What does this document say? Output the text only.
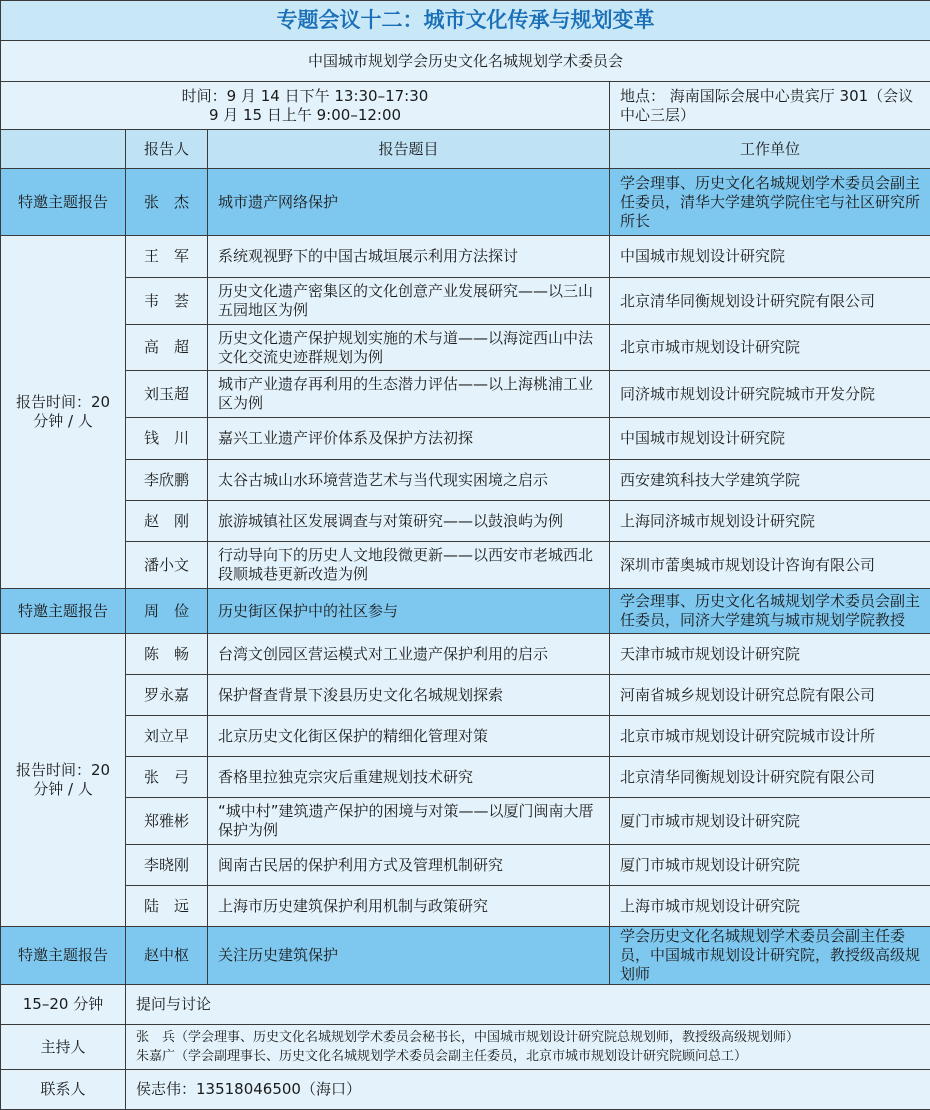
专题会议十二：城市文化传承与规划变革			
中国城市规划学会历史文化名城规划学术委员会			

时间：9 月 14 日下午 13:30–17:30
9 月 15 日上午 9:00–12:00			地点： 海南国际会展中心贵宾厅 301（会议中心三层）
	报告人	报告题目	工作单位
特邀主题报告	张　杰	城市遗产网络保护	学会理事、历史文化名城规划学术委员会副主任委员，清华大学建筑学院住宅与社区研究所所长
报告时间：20 分钟 / 人	王　军	系统观视野下的中国古城垣展示利用方法探讨	中国城市规划设计研究院
	韦　荟	历史文化遗产密集区的文化创意产业发展研究——以三山五园地区为例	北京清华同衡规划设计研究院有限公司
	高　超	历史文化遗产保护规划实施的术与道——以海淀西山中法文化交流史迹群规划为例	北京市城市规划设计研究院
	刘玉超	城市产业遗存再利用的生态潜力评估——以上海桃浦工业区为例	同济城市规划设计研究院城市开发分院
	钱　川	嘉兴工业遗产评价体系及保护方法初探	中国城市规划设计研究院
	李欣鹏	太谷古城山水环境营造艺术与当代现实困境之启示	西安建筑科技大学建筑学院
	赵　刚	旅游城镇社区发展调查与对策研究——以鼓浪屿为例	上海同济城市规划设计研究院
	潘小文	行动导向下的历史人文地段微更新——以西安市老城西北段顺城巷更新改造为例	深圳市蕾奥城市规划设计咨询有限公司
特邀主题报告	周　俭	历史街区保护中的社区参与	学会理事、历史文化名城规划学术委员会副主任委员，同济大学建筑与城市规划学院教授
报告时间：20 分钟 / 人	陈　畅	台湾文创园区营运模式对工业遗产保护利用的启示	天津市城市规划设计研究院
	罗永嘉	保护督查背景下浚县历史文化名城规划探索	河南省城乡规划设计研究总院有限公司
	刘立早	北京历史文化街区保护的精细化管理对策	北京市城市规划设计研究院城市设计所
	张　弓	香格里拉独克宗灾后重建规划技术研究	北京清华同衡规划设计研究院有限公司
	郑雅彬	“城中村”建筑遗产保护的困境与对策——以厦门闽南大厝保护为例	厦门市城市规划设计研究院
	李晓刚	闽南古民居的保护利用方式及管理机制研究	厦门市城市规划设计研究院
	陆　远	上海市历史建筑保护利用机制与政策研究	上海市城市规划设计研究院
特邀主题报告	赵中枢	关注历史建筑保护	学会历史文化名城规划学术委员会副主任委员，中国城市规划设计研究院，教授级高级规划师
15–20 分钟	提问与讨论		
主持人	张　兵（学会理事、历史文化名城规划学术委员会秘书长，中国城市规划设计研究院总规划师，教授级高级规划师）
朱嘉广（学会副理事长、历史文化名城规划学术委员会副主任委员，北京市城市规划设计研究院顾问总工）		

联系人	侯志伟：13518046500（海口）		
